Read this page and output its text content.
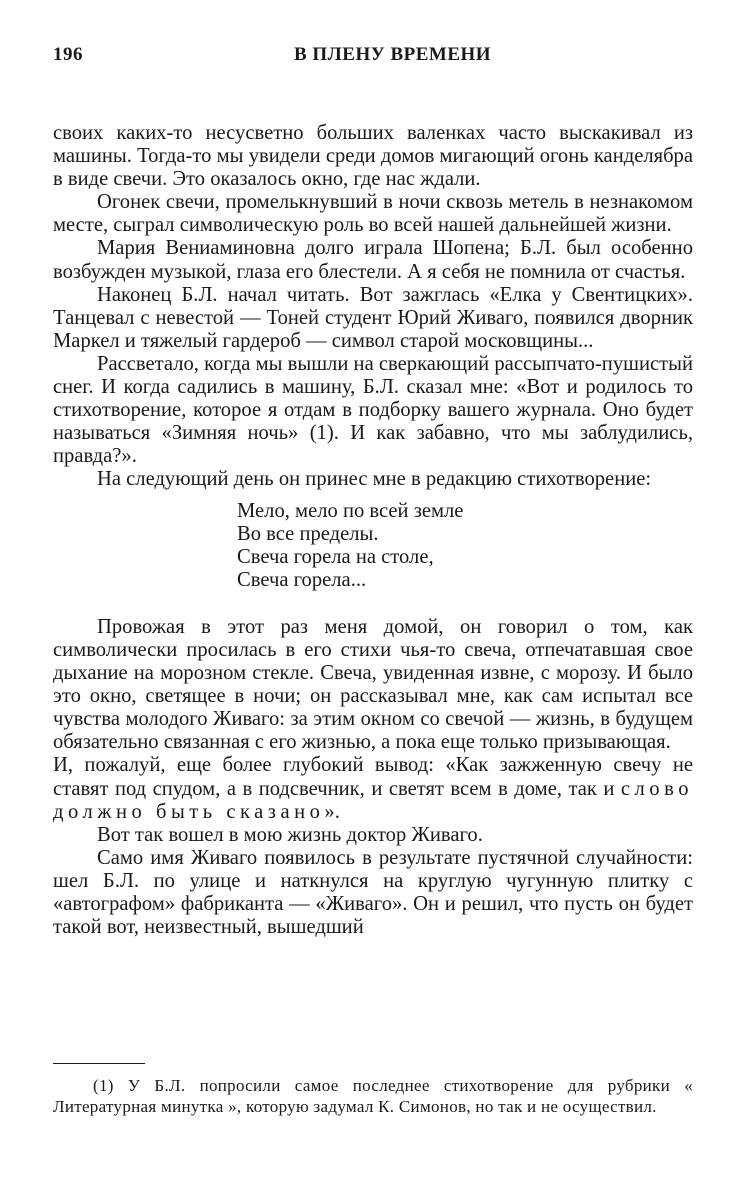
196	В ПЛЕНУ ВРЕМЕНИ

своих каких-то несусветно больших валенках часто выскакивал из машины. Тогда-то мы увидели среди домов мигающий огонь канделябра в виде свечи. Это оказалось окно, где нас ждали.

Огонек свечи, промелькнувший в ночи сквозь метель в незнакомом месте, сыграл символическую роль во всей нашей дальнейшей жизни.

Мария Вениаминовна долго играла Шопена; Б.Л. был особенно возбужден музыкой, глаза его блестели. А я себя не помнила от счастья.

Наконец Б.Л. начал читать. Вот зажглась «Елка у Свентицких». Танцевал с невестой — Тоней студент Юрий Живаго, появился дворник Маркел и тяжелый гардероб — символ старой московщины...

Рассветало, когда мы вышли на сверкающий рассыпчато-пушистый снег. И когда садились в машину, Б.Л. сказал мне: «Вот и родилось то стихотворение, которое я отдам в подборку вашего журнала. Оно будет называться «Зимняя ночь» (1). И как забавно, что мы заблудились, правда?».

На следующий день он принес мне в редакцию стихотворение:

Мело, мело по всей земле
Во все пределы.
Свеча горела на столе,
Свеча горела...

Провожая в этот раз меня домой, он говорил о том, как символически просилась в его стихи чья-то свеча, отпечатавшая свое дыхание на морозном стекле. Свеча, увиденная извне, с морозу. И было это окно, светящее в ночи; он рассказывал мне, как сам испытал все чувства молодого Живаго: за этим окном со свечой — жизнь, в будущем обязательно связанная с его жизнью, а пока еще только призывающая.

И, пожалуй, еще более глубокий вывод: «Как зажженную свечу не ставят под спудом, а в подсвечник, и светят всем в доме, так и слово должно быть сказано».

Вот так вошел в мою жизнь доктор Живаго.

Само имя Живаго появилось в результате пустячной случайности: шел Б.Л. по улице и наткнулся на круглую чугунную плитку с «автографом» фабриканта — «Живаго». Он и решил, что пусть он будет такой вот, неизвестный, вышедший

(1) У Б.Л. попросили самое последнее стихотворение для рубрики « Литературная минутка », которую задумал К. Симонов, но так и не осуществил.
